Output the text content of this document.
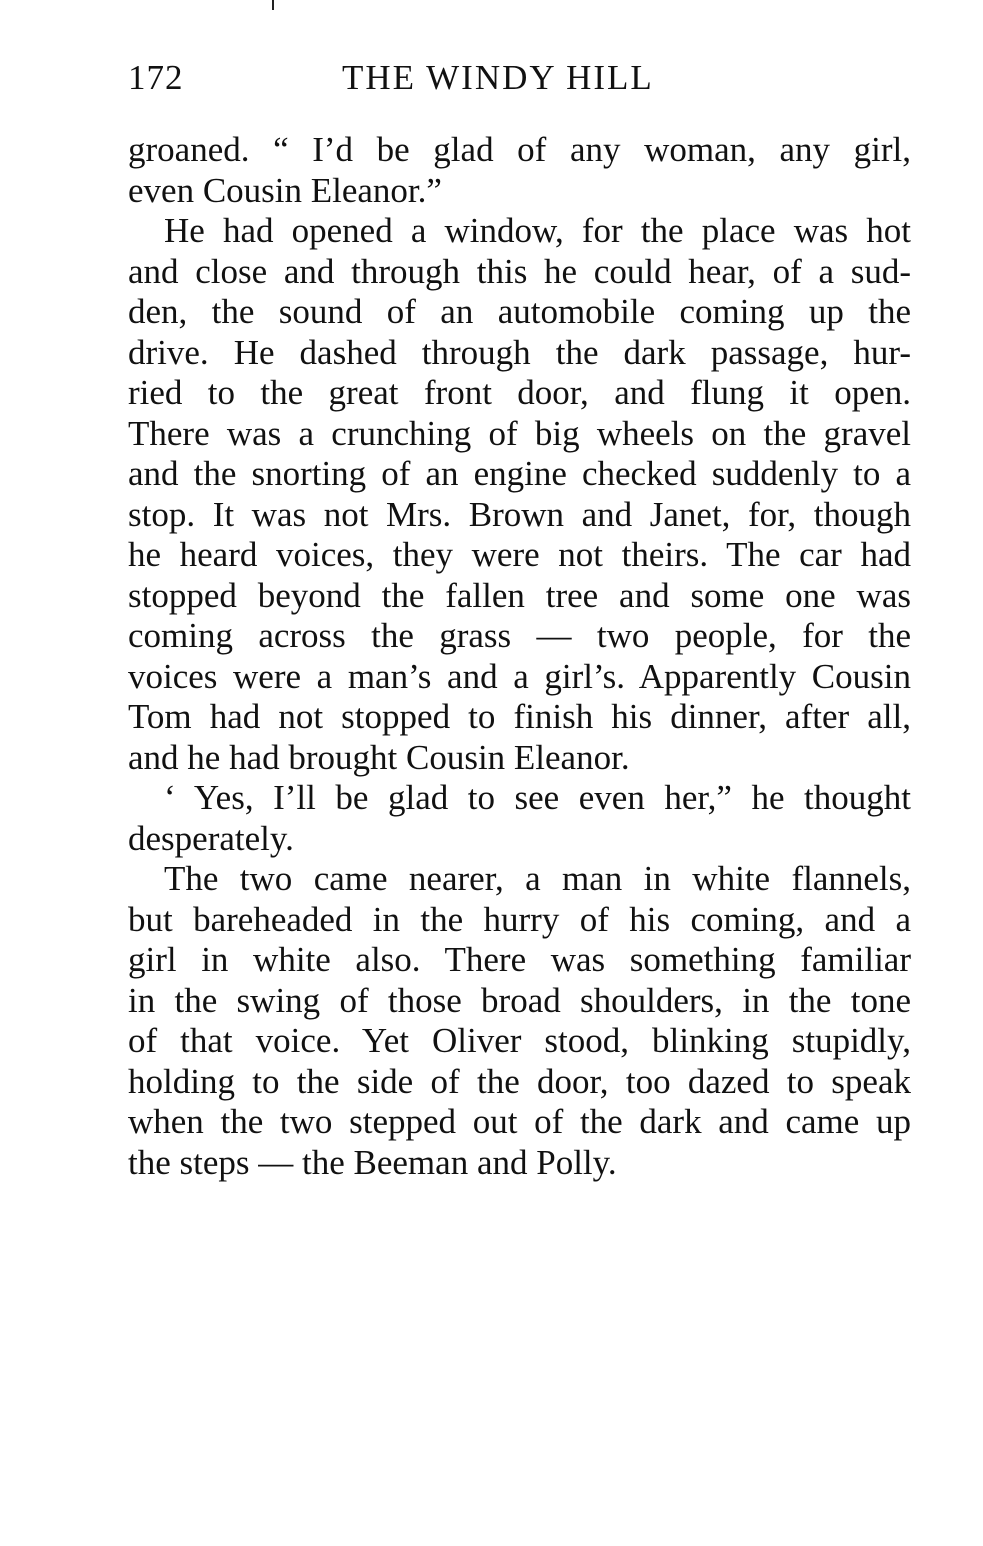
172	THE WINDY HILL

groaned. “ I’d be glad of any woman, any girl,
even Cousin Eleanor.”

He had opened a window, for the place was hot
and close and through this he could hear, of a sud-
den, the sound of an automobile coming up the
drive. He dashed through the dark passage, hur-
ried to the great front door, and flung it open.
There was a crunching of big wheels on the gravel
and the snorting of an engine checked suddenly to a
stop. It was not Mrs. Brown and Janet, for, though
he heard voices, they were not theirs. The car had
stopped beyond the fallen tree and some one was
coming across the grass — two people, for the
voices were a man’s and a girl’s. Apparently Cousin
Tom had not stopped to finish his dinner, after all,
and he had brought Cousin Eleanor.

‘ Yes, I’ll be glad to see even her,” he thought
desperately.

The two came nearer, a man in white flannels,
but bareheaded in the hurry of his coming, and a
girl in white also. There was something familiar
in the swing of those broad shoulders, in the tone
of that voice. Yet Oliver stood, blinking stupidly,
holding to the side of the door, too dazed to speak
when the two stepped out of the dark and came up
the steps — the Beeman and Polly.
